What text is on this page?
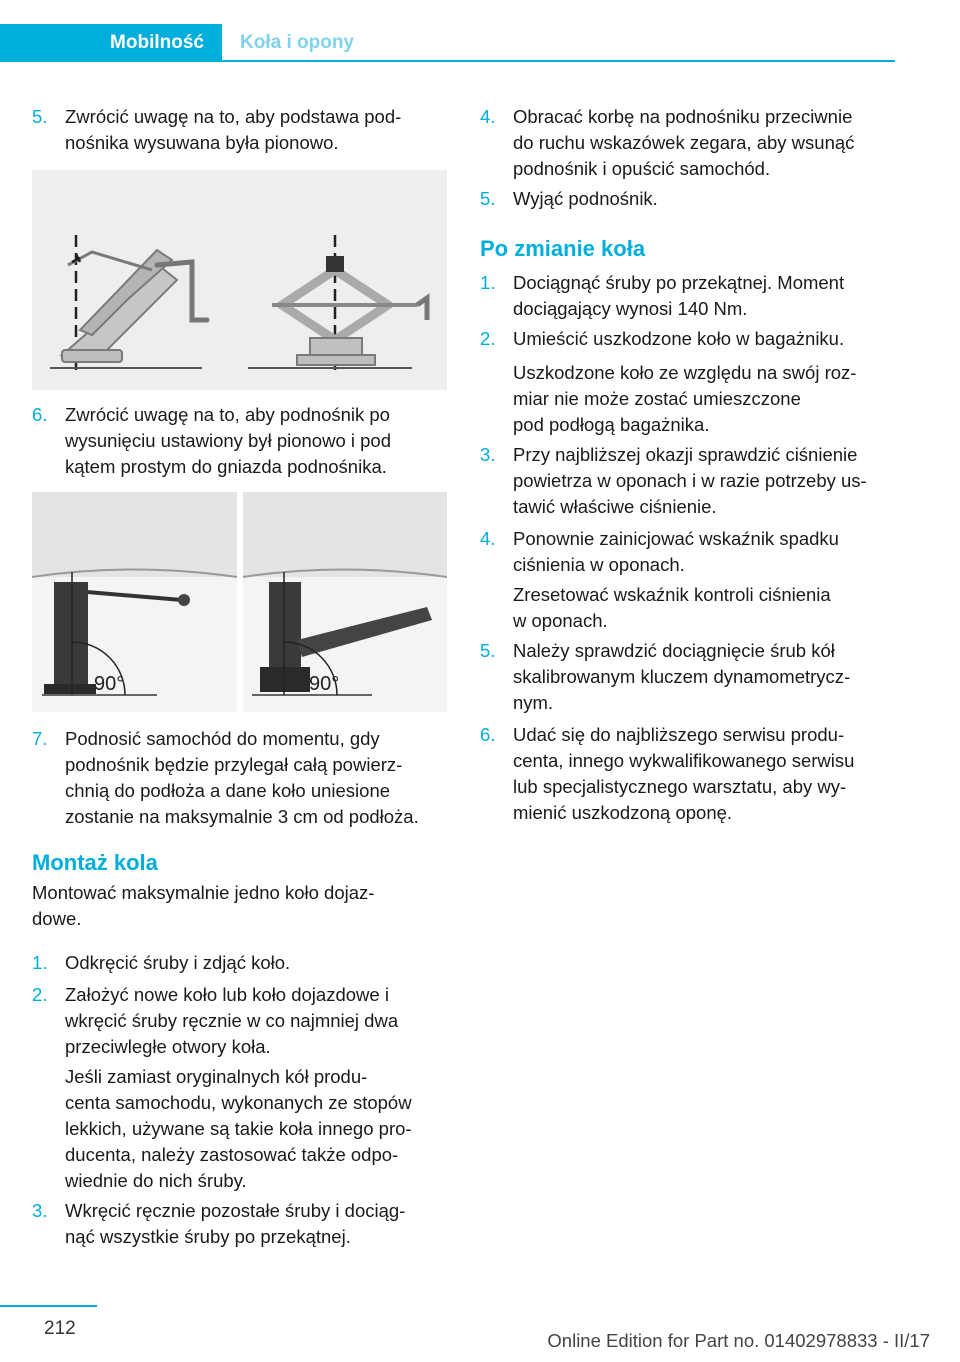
Mobilność	Koła i opony
5. Zwrócić uwagę na to, aby podstawa pod-
nośnika wysuwana była pionowo.
6. Zwrócić uwagę na to, aby podnośnik po
wysunięciu ustawiony był pionowo i pod
kątem prostym do gniazda podnośnika.
90°	90°
7. Podnosić samochód do momentu, gdy
podnośnik będzie przylegał całą powierz-
chnią do podłoża a dane koło uniesione
zostanie na maksymalnie 3 cm od podłoża.
Montaż kola
Montować maksymalnie jedno koło dojaz-
dowe.
1. Odkręcić śruby i zdjąć koło.
2. Założyć nowe koło lub koło dojazdowe i
wkręcić śruby ręcznie w co najmniej dwa
przeciwległe otwory koła.
Jeśli zamiast oryginalnych kół produ-
centa samochodu, wykonanych ze stopów
lekkich, używane są takie koła innego pro-
ducenta, należy zastosować także odpo-
wiednie do nich śruby.
3. Wkręcić ręcznie pozostałe śruby i dociąg-
nąć wszystkie śruby po przekątnej.
4. Obracać korbę na podnośniku przeciwnie
do ruchu wskazówek zegara, aby wsunąć
podnośnik i opuścić samochód.
5. Wyjąć podnośnik.
Po zmianie koła
1. Dociągnąć śruby po przekątnej. Moment
dociągający wynosi 140 Nm.
2. Umieścić uszkodzone koło w bagażniku.
Uszkodzone koło ze względu na swój roz-
miar nie może zostać umieszczone
pod podłogą bagażnika.
3. Przy najbliższej okazji sprawdzić ciśnienie
powietrza w oponach i w razie potrzeby us-
tawić właściwe ciśnienie.
4. Ponownie zainicjować wskaźnik spadku
ciśnienia w oponach.
Zresetować wskaźnik kontroli ciśnienia
w oponach.
5. Należy sprawdzić dociągnięcie śrub kół
skalibrowanym kluczem dynamometrycz-
nym.
6. Udać się do najbliższego serwisu produ-
centa, innego wykwalifikowanego serwisu
lub specjalistycznego warsztatu, aby wy-
mienić uszkodzoną oponę.
212
Online Edition for Part no. 01402978833 - II/17
